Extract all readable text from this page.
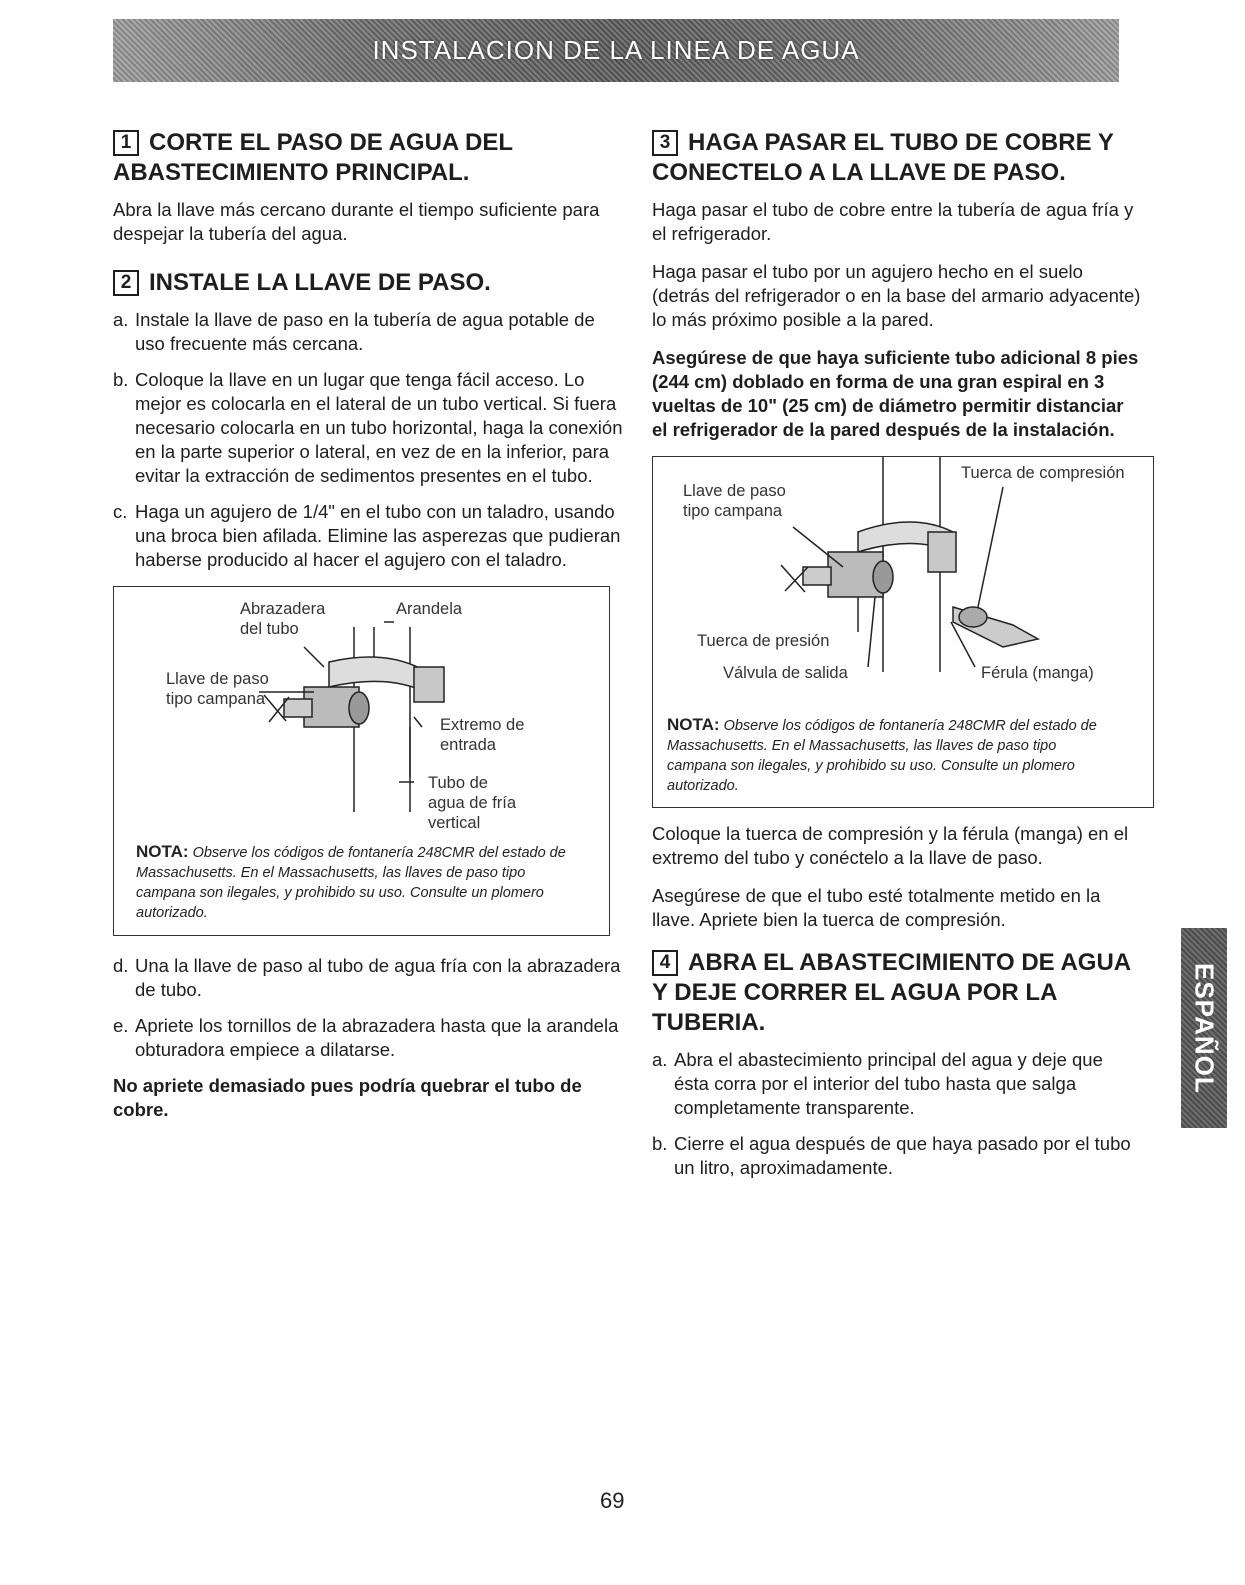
INSTALACION DE LA LINEA DE AGUA
1 CORTE EL PASO DE AGUA DEL ABASTECIMIENTO PRINCIPAL.

Abra la llave más cercano durante el tiempo suficiente para despejar la tubería del agua.

2 INSTALE LA LLAVE DE PASO.
a. Instale la llave de paso en la tubería de agua potable de uso frecuente más cercana.
b. Coloque la llave en un lugar que tenga fácil acceso. Lo mejor es colocarla en el lateral de un tubo vertical. Si fuera necesario colocarla en un tubo horizontal, haga la conexión en la parte superior o lateral, en vez de en la inferior, para evitar la extracción de sedimentos presentes en el tubo.
c. Haga un agujero de 1/4" en el tubo con un taladro, usando una broca bien afilada. Elimine las asperezas que pudieran haberse producido al hacer el agujero con el taladro.
Abrazadera
del tubo
Arandela
Llave de paso
tipo campana
Extremo de
entrada
Tubo de
agua de fría
vertical
NOTA: Observe los códigos de fontanería 248CMR del estado de Massachusetts. En el Massachusetts, las llaves de paso tipo campana son ilegales, y prohibido su uso. Consulte un plomero autorizado.
d. Una la llave de paso al tubo de agua fría con la abrazadera de tubo.
e. Apriete los tornillos de la abrazadera hasta que la arandela obturadora empiece a dilatarse.

No apriete demasiado pues podría quebrar el tubo de cobre.

3 HAGA PASAR EL TUBO DE COBRE Y CONECTELO A LA LLAVE DE PASO.

Haga pasar el tubo de cobre entre la tubería de agua fría y el refrigerador.

Haga pasar el tubo por un agujero hecho en el suelo (detrás del refrigerador o en la base del armario adyacente) lo más próximo posible a la pared.

Asegúrese de que haya suficiente tubo adicional 8 pies (244 cm) doblado en forma de una gran espiral en 3 vueltas de 10" (25 cm) de diámetro permitir distanciar el refrigerador de la pared después de la instalación.

Llave de paso
tipo campana
Tuerca de compresión
Tuerca de presión
Válvula de salida	Férula (manga)
NOTA: Observe los códigos de fontanería 248CMR del estado de Massachusetts. En el Massachusetts, las llaves de paso tipo campana son ilegales, y prohibido su uso. Consulte un plomero autorizado.

Coloque la tuerca de compresión y la férula (manga) en el extremo del tubo y conéctelo a la llave de paso.

Asegúrese de que el tubo esté totalmente metido en la llave. Apriete bien la tuerca de compresión.

4 ABRA EL ABASTECIMIENTO DE AGUA Y DEJE CORRER EL AGUA POR LA TUBERIA.
a. Abra el abastecimiento principal del agua y deje que ésta corra por el interior del tubo hasta que salga completamente transparente.
b. Cierre el agua después de que haya pasado por el tubo un litro, aproximadamente.
ESPAÑOL
69
